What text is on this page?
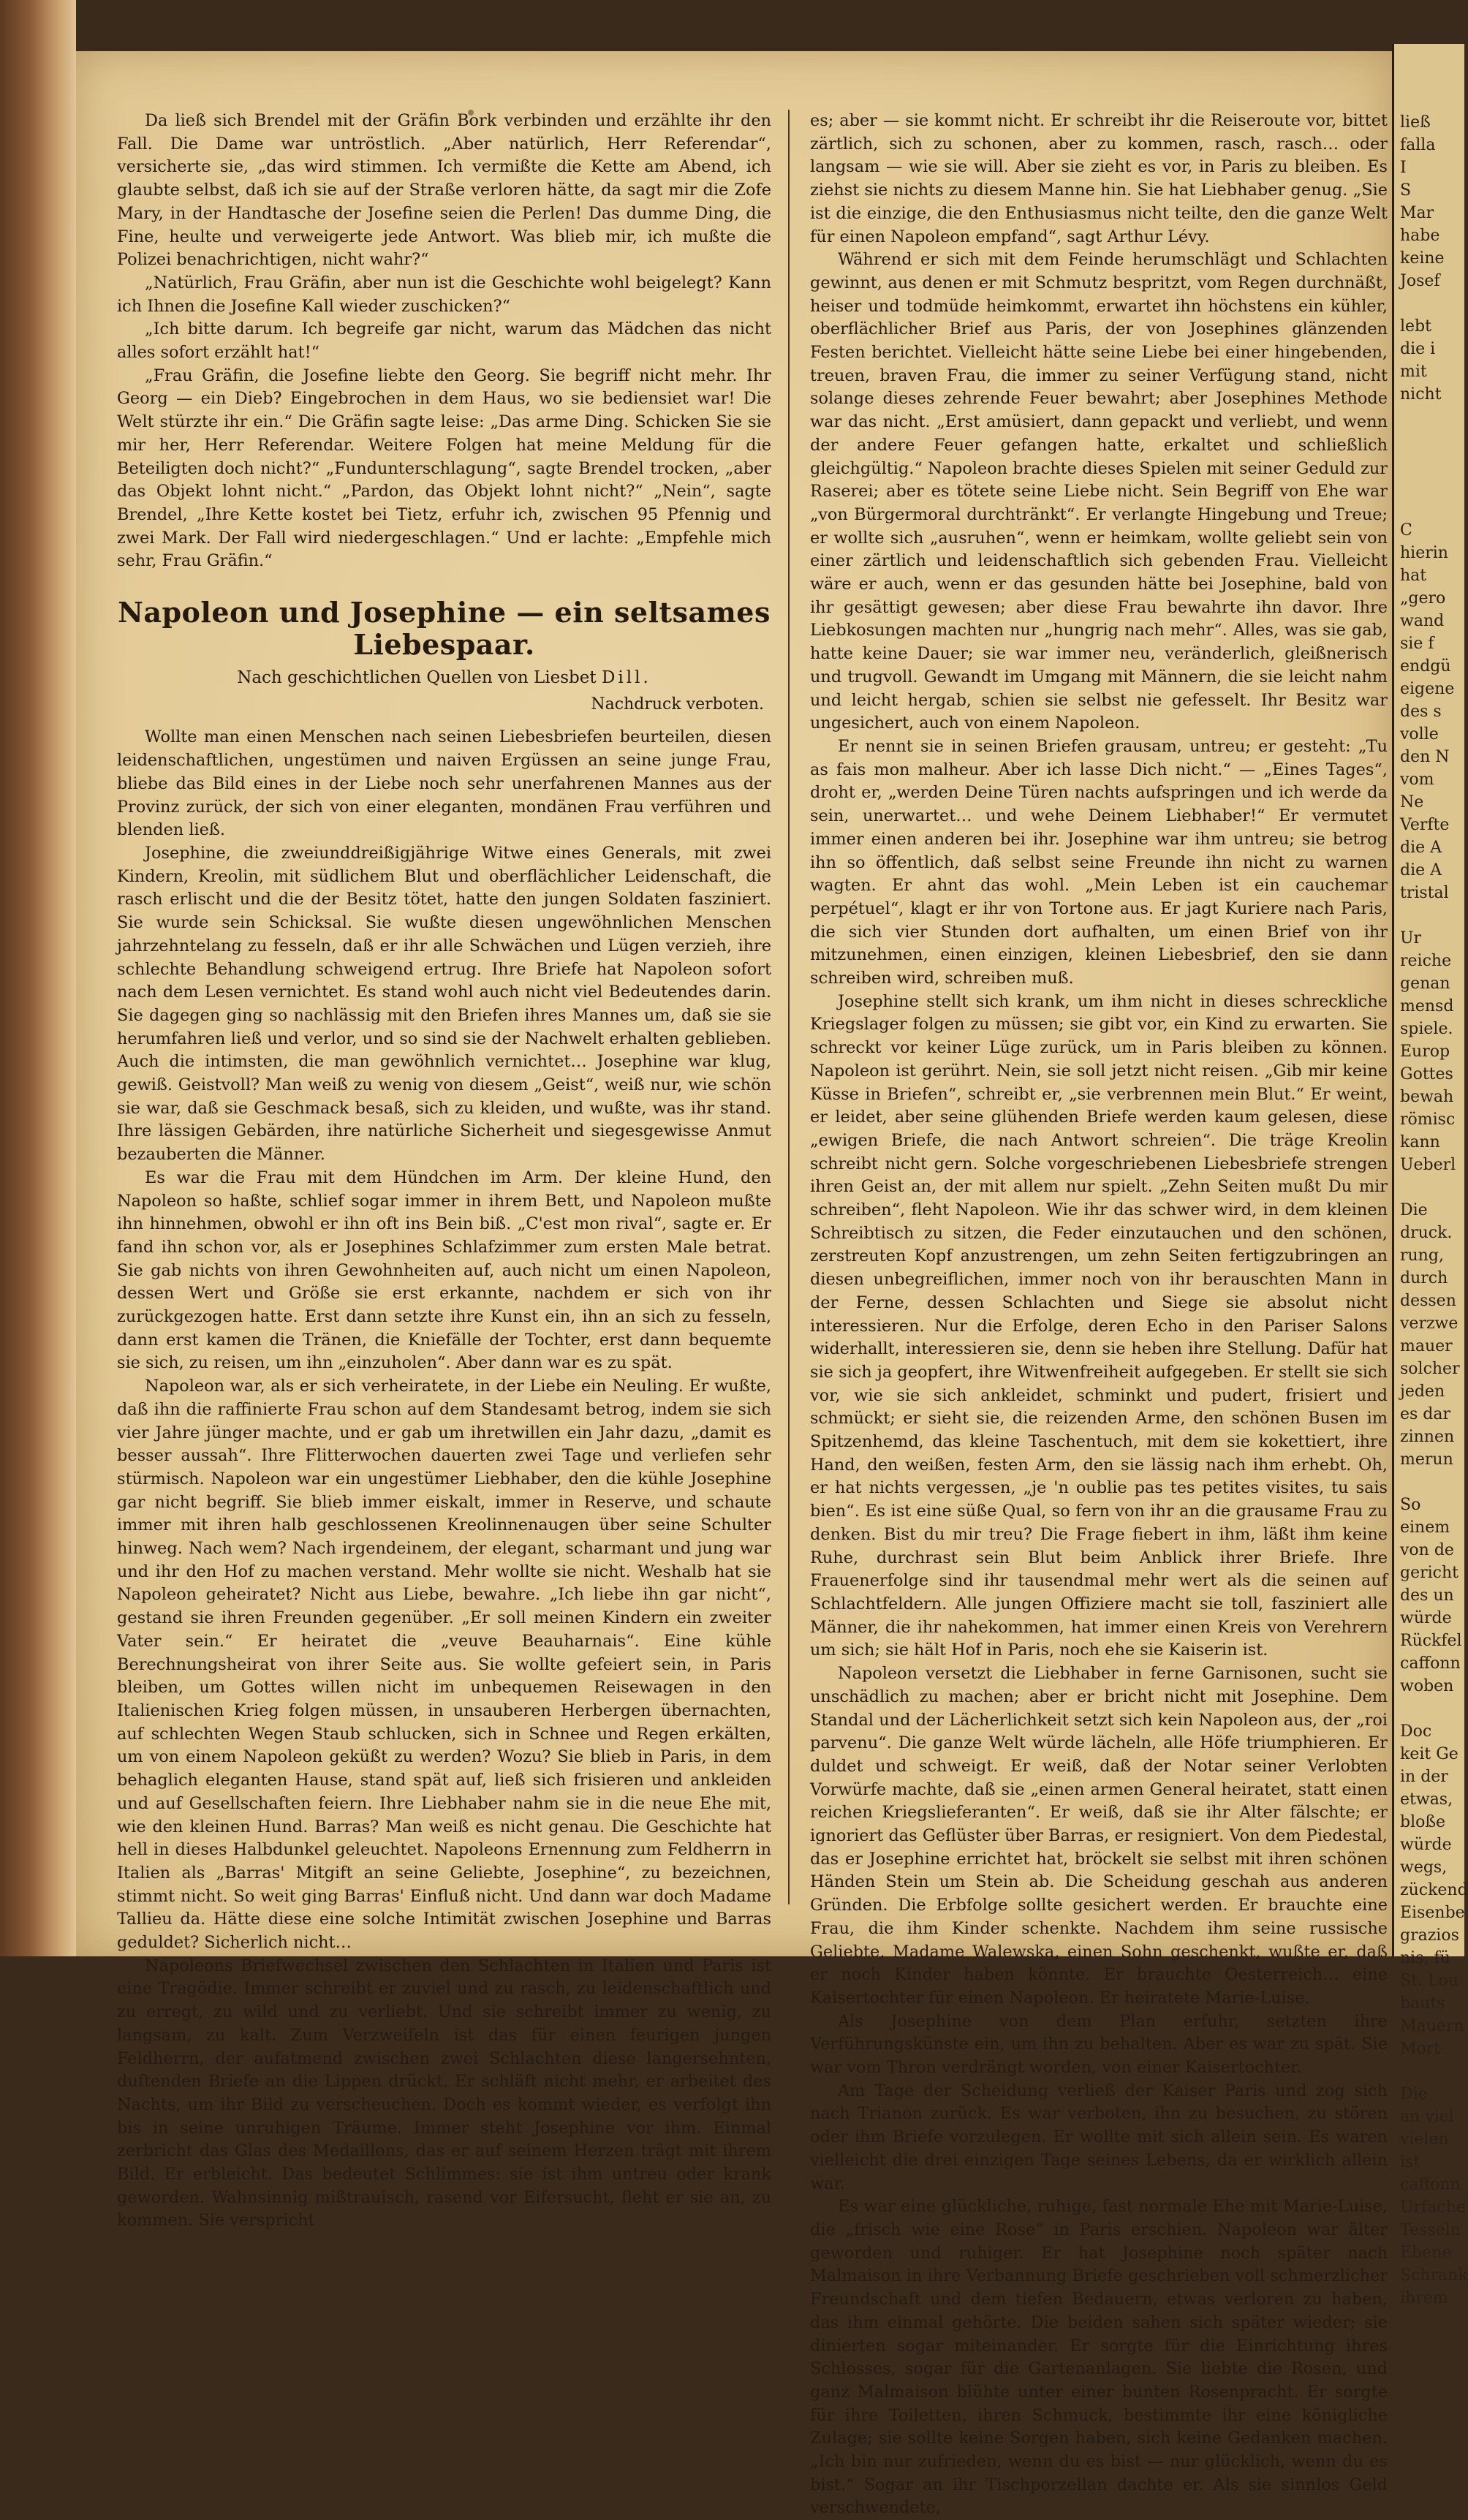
Da ließ sich Brendel mit der Gräfin Bork verbinden und erzählte ihr den Fall. Die Dame war untröstlich. „Aber natürlich, Herr Referendar“, versicherte sie, „das wird stimmen. Ich vermißte die Kette am Abend, ich glaubte selbst, daß ich sie auf der Straße verloren hätte, da sagt mir die Zofe Mary, in der Handtasche der Josefine seien die Perlen! Das dumme Ding, die Fine, heulte und verweigerte jede Antwort. Was blieb mir, ich mußte die Polizei benachrichtigen, nicht wahr?“

„Natürlich, Frau Gräfin, aber nun ist die Geschichte wohl beigelegt? Kann ich Ihnen die Josefine Kall wieder zuschicken?“

„Ich bitte darum. Ich begreife gar nicht, warum das Mädchen das nicht alles sofort erzählt hat!“

„Frau Gräfin, die Josefine liebte den Georg. Sie begriff nicht mehr. Ihr Georg — ein Dieb? Eingebrochen in dem Haus, wo sie bediensiet war! Die Welt stürzte ihr ein.“ Die Gräfin sagte leise: „Das arme Ding. Schicken Sie sie mir her, Herr Referendar. Weitere Folgen hat meine Meldung für die Beteiligten doch nicht?“ „Fundunterschlagung“, sagte Brendel trocken, „aber das Objekt lohnt nicht.“ „Pardon, das Objekt lohnt nicht?“ „Nein“, sagte Brendel, „Ihre Kette kostet bei Tietz, erfuhr ich, zwischen 95 Pfennig und zwei Mark. Der Fall wird niedergeschlagen.“ Und er lachte: „Empfehle mich sehr, Frau Gräfin.“

Napoleon und Josephine — ein seltsames Liebespaar.
Nach geschichtlichen Quellen von Liesbet Dill.
Nachdruck verboten.

Wollte man einen Menschen nach seinen Liebesbriefen beurteilen, diesen leidenschaftlichen, ungestümen und naiven Ergüssen an seine junge Frau, bliebe das Bild eines in der Liebe noch sehr unerfahrenen Mannes aus der Provinz zurück, der sich von einer eleganten, mondänen Frau verführen und blenden ließ.

Josephine, die zweiunddreißigjährige Witwe eines Generals, mit zwei Kindern, Kreolin, mit südlichem Blut und oberflächlicher Leidenschaft, die rasch erlischt und die der Besitz tötet, hatte den jungen Soldaten fasziniert. Sie wurde sein Schicksal. Sie wußte diesen ungewöhnlichen Menschen jahrzehntelang zu fesseln, daß er ihr alle Schwächen und Lügen verzieh, ihre schlechte Behandlung schweigend ertrug. Ihre Briefe hat Napoleon sofort nach dem Lesen vernichtet. Es stand wohl auch nicht viel Bedeutendes darin. Sie dagegen ging so nachlässig mit den Briefen ihres Mannes um, daß sie sie herumfahren ließ und verlor, und so sind sie der Nachwelt erhalten geblieben. Auch die intimsten, die man gewöhnlich vernichtet… Josephine war klug, gewiß. Geistvoll? Man weiß zu wenig von diesem „Geist“, weiß nur, wie schön sie war, daß sie Geschmack besaß, sich zu kleiden, und wußte, was ihr stand. Ihre lässigen Gebärden, ihre natürliche Sicherheit und siegesgewisse Anmut bezauberten die Männer.

Es war die Frau mit dem Hündchen im Arm. Der kleine Hund, den Napoleon so haßte, schlief sogar immer in ihrem Bett, und Napoleon mußte ihn hinnehmen, obwohl er ihn oft ins Bein biß. „C'est mon rival“, sagte er. Er fand ihn schon vor, als er Josephines Schlafzimmer zum ersten Male betrat. Sie gab nichts von ihren Gewohnheiten auf, auch nicht um einen Napoleon, dessen Wert und Größe sie erst erkannte, nachdem er sich von ihr zurückgezogen hatte. Erst dann setzte ihre Kunst ein, ihn an sich zu fesseln, dann erst kamen die Tränen, die Kniefälle der Tochter, erst dann bequemte sie sich, zu reisen, um ihn „einzuholen“. Aber dann war es zu spät.

Napoleon war, als er sich verheiratete, in der Liebe ein Neuling. Er wußte, daß ihn die raffinierte Frau schon auf dem Standesamt betrog, indem sie sich vier Jahre jünger machte, und er gab um ihretwillen ein Jahr dazu, „damit es besser aussah“. Ihre Flitterwochen dauerten zwei Tage und verliefen sehr stürmisch. Napoleon war ein ungestümer Liebhaber, den die kühle Josephine gar nicht begriff. Sie blieb immer eiskalt, immer in Reserve, und schaute immer mit ihren halb geschlossenen Kreolinnenaugen über seine Schulter hinweg. Nach wem? Nach irgendeinem, der elegant, scharmant und jung war und ihr den Hof zu machen verstand. Mehr wollte sie nicht. Weshalb hat sie Napoleon geheiratet? Nicht aus Liebe, bewahre. „Ich liebe ihn gar nicht“, gestand sie ihren Freunden gegenüber. „Er soll meinen Kindern ein zweiter Vater sein.“ Er heiratet die „veuve Beauharnais“. Eine kühle Berechnungsheirat von ihrer Seite aus. Sie wollte gefeiert sein, in Paris bleiben, um Gottes willen nicht im unbequemen Reisewagen in den Italienischen Krieg folgen müssen, in unsauberen Herbergen übernachten, auf schlechten Wegen Staub schlucken, sich in Schnee und Regen erkälten, um von einem Napoleon geküßt zu werden? Wozu? Sie blieb in Paris, in dem behaglich eleganten Hause, stand spät auf, ließ sich frisieren und ankleiden und auf Gesellschaften feiern. Ihre Liebhaber nahm sie in die neue Ehe mit, wie den kleinen Hund. Barras? Man weiß es nicht genau. Die Geschichte hat hell in dieses Halbdunkel geleuchtet. Napoleons Ernennung zum Feldherrn in Italien als „Barras' Mitgift an seine Geliebte, Josephine“, zu bezeichnen, stimmt nicht. So weit ging Barras' Einfluß nicht. Und dann war doch Madame Tallieu da. Hätte diese eine solche Intimität zwischen Josephine und Barras geduldet? Sicherlich nicht…

Napoleons Briefwechsel zwischen den Schlachten in Italien und Paris ist eine Tragödie. Immer schreibt er zuviel und zu rasch, zu leidenschaftlich und zu erregt, zu wild und zu verliebt. Und sie schreibt immer zu wenig, zu langsam, zu kalt. Zum Verzweifeln ist das für einen feurigen jungen Feldherrn, der aufatmend zwischen zwei Schlachten diese langersehnten, duftenden Briefe an die Lippen drückt. Er schläft nicht mehr, er arbeitet des Nachts, um ihr Bild zu verscheuchen. Doch es kommt wieder, es verfolgt ihn bis in seine unruhigen Träume. Immer steht Josephine vor ihm. Einmal zerbricht das Glas des Medaillons, das er auf seinem Herzen trägt mit ihrem Bild. Er erbleicht. Das bedeutet Schlimmes: sie ist ihm untreu oder krank geworden. Wahnsinnig mißtrauisch, rasend vor Eifersucht, fleht er sie an, zu kommen. Sie verspricht

es; aber — sie kommt nicht. Er schreibt ihr die Reiseroute vor, bittet zärtlich, sich zu schonen, aber zu kommen, rasch, rasch… oder langsam — wie sie will. Aber sie zieht es vor, in Paris zu bleiben. Es ziehst sie nichts zu diesem Manne hin. Sie hat Liebhaber genug. „Sie ist die einzige, die den Enthusiasmus nicht teilte, den die ganze Welt für einen Napoleon empfand“, sagt Arthur Lévy.

Während er sich mit dem Feinde herumschlägt und Schlachten gewinnt, aus denen er mit Schmutz bespritzt, vom Regen durchnäßt, heiser und todmüde heimkommt, erwartet ihn höchstens ein kühler, oberflächlicher Brief aus Paris, der von Josephines glänzenden Festen berichtet. Vielleicht hätte seine Liebe bei einer hingebenden, treuen, braven Frau, die immer zu seiner Verfügung stand, nicht solange dieses zehrende Feuer bewahrt; aber Josephines Methode war das nicht. „Erst amüsiert, dann gepackt und verliebt, und wenn der andere Feuer gefangen hatte, erkaltet und schließlich gleichgültig.“ Napoleon brachte dieses Spielen mit seiner Geduld zur Raserei; aber es tötete seine Liebe nicht. Sein Begriff von Ehe war „von Bürgermoral durchtränkt“. Er verlangte Hingebung und Treue; er wollte sich „ausruhen“, wenn er heimkam, wollte geliebt sein von einer zärtlich und leidenschaftlich sich gebenden Frau. Vielleicht wäre er auch, wenn er das gesunden hätte bei Josephine, bald von ihr gesättigt gewesen; aber diese Frau bewahrte ihn davor. Ihre Liebkosungen machten nur „hungrig nach mehr“. Alles, was sie gab, hatte keine Dauer; sie war immer neu, veränderlich, gleißnerisch und trugvoll. Gewandt im Umgang mit Männern, die sie leicht nahm und leicht hergab, schien sie selbst nie gefesselt. Ihr Besitz war ungesichert, auch von einem Napoleon.

Er nennt sie in seinen Briefen grausam, untreu; er gesteht: „Tu as fais mon malheur. Aber ich lasse Dich nicht.“ — „Eines Tages“, droht er, „werden Deine Türen nachts aufspringen und ich werde da sein, unerwartet… und wehe Deinem Liebhaber!“ Er vermutet immer einen anderen bei ihr. Josephine war ihm untreu; sie betrog ihn so öffentlich, daß selbst seine Freunde ihn nicht zu warnen wagten. Er ahnt das wohl. „Mein Leben ist ein cauchemar perpétuel“, klagt er ihr von Tortone aus. Er jagt Kuriere nach Paris, die sich vier Stunden dort aufhalten, um einen Brief von ihr mitzunehmen, einen einzigen, kleinen Liebesbrief, den sie dann schreiben wird, schreiben muß.

Josephine stellt sich krank, um ihm nicht in dieses schreckliche Kriegslager folgen zu müssen; sie gibt vor, ein Kind zu erwarten. Sie schreckt vor keiner Lüge zurück, um in Paris bleiben zu können. Napoleon ist gerührt. Nein, sie soll jetzt nicht reisen. „Gib mir keine Küsse in Briefen“, schreibt er, „sie verbrennen mein Blut.“ Er weint, er leidet, aber seine glühenden Briefe werden kaum gelesen, diese „ewigen Briefe, die nach Antwort schreien“. Die träge Kreolin schreibt nicht gern. Solche vorgeschriebenen Liebesbriefe strengen ihren Geist an, der mit allem nur spielt. „Zehn Seiten mußt Du mir schreiben“, fleht Napoleon. Wie ihr das schwer wird, in dem kleinen Schreibtisch zu sitzen, die Feder einzutauchen und den schönen, zerstreuten Kopf anzustrengen, um zehn Seiten fertigzubringen an diesen unbegreiflichen, immer noch von ihr berauschten Mann in der Ferne, dessen Schlachten und Siege sie absolut nicht interessieren. Nur die Erfolge, deren Echo in den Pariser Salons widerhallt, interessieren sie, denn sie heben ihre Stellung. Dafür hat sie sich ja geopfert, ihre Witwenfreiheit aufgegeben. Er stellt sie sich vor, wie sie sich ankleidet, schminkt und pudert, frisiert und schmückt; er sieht sie, die reizenden Arme, den schönen Busen im Spitzenhemd, das kleine Taschentuch, mit dem sie kokettiert, ihre Hand, den weißen, festen Arm, den sie lässig nach ihm erhebt. Oh, er hat nichts vergessen, „je 'n oublie pas tes petites visites, tu sais bien“. Es ist eine süße Qual, so fern von ihr an die grausame Frau zu denken. Bist du mir treu? Die Frage fiebert in ihm, läßt ihm keine Ruhe, durchrast sein Blut beim Anblick ihrer Briefe. Ihre Frauenerfolge sind ihr tausendmal mehr wert als die seinen auf Schlachtfeldern. Alle jungen Offiziere macht sie toll, fasziniert alle Männer, die ihr nahekommen, hat immer einen Kreis von Verehrern um sich; sie hält Hof in Paris, noch ehe sie Kaiserin ist.

Napoleon versetzt die Liebhaber in ferne Garnisonen, sucht sie unschädlich zu machen; aber er bricht nicht mit Josephine. Dem Standal und der Lächerlichkeit setzt sich kein Napoleon aus, der „roi parvenu“. Die ganze Welt würde lächeln, alle Höfe triumphieren. Er duldet und schweigt. Er weiß, daß der Notar seiner Verlobten Vorwürfe machte, daß sie „einen armen General heiratet, statt einen reichen Kriegslieferanten“. Er weiß, daß sie ihr Alter fälschte; er ignoriert das Geflüster über Barras, er resigniert. Von dem Piedestal, das er Josephine errichtet hat, bröckelt sie selbst mit ihren schönen Händen Stein um Stein ab. Die Scheidung geschah aus anderen Gründen. Die Erbfolge sollte gesichert werden. Er brauchte eine Frau, die ihm Kinder schenkte. Nachdem ihm seine russische Geliebte, Madame Walewska, einen Sohn geschenkt, wußte er, daß er noch Kinder haben könnte. Er brauchte Oesterreich… eine Kaisertochter für einen Napoleon. Er heiratete Marie-Luise.

Als Josephine von dem Plan erfuhr, setzten ihre Verführungskünste ein, um ihn zu behalten. Aber es war zu spät. Sie war vom Thron verdrängt worden, von einer Kaisertochter.

Am Tage der Scheidung verließ der Kaiser Paris und zog sich nach Trianon zurück. Es war verboten, ihn zu besuchen, zu stören oder ihm Briefe vorzulegen. Er wollte mit sich allein sein. Es waren vielleicht die drei einzigen Tage seines Lebens, da er wirklich allein war.

Es war eine glückliche, ruhige, fast normale Ehe mit Marie-Luise, die „frisch wie eine Rose“ in Paris erschien. Napoleon war älter geworden und ruhiger. Er hat Josephine noch später nach Malmaison in ihre Verbannung Briefe geschrieben voll schmerzlicher Freundschaft und dem tiefen Bedauern, etwas verloren zu haben, das ihm einmal gehörte. Die beiden sahen sich später wieder; sie dinierten sogar miteinander. Er sorgte für die Einrichtung ihres Schlosses, sogar für die Gartenanlagen. Sie liebte die Rosen, und ganz Malmaison blühte unter einer bunten Rosenpracht. Er sorgte für ihre Toiletten, ihren Schmuck, bestimmte ihr eine königliche Zulage; sie sollte keine Sorgen haben, sich keine Gedanken machen. „Ich bin nur zufrieden, wenn du es bist — nur glücklich, wenn du es bist.“ Sogar an ihr Tischporzellan dachte er. Als sie sinnlos Geld verschwendete,

ließ
falla
I
S
Mar
habe
keine
Josef

lebt
die i
mit
nicht

C
hierin
hat
„gero
wand
sie f
endgü
eigene
des s
volle
den N
vom
Ne
Verfte
die A
die A
tristal

Ur
reiche
genan
mensd
spiele.
Europ
Gottes
bewah
römisc
kann
Ueberl

Die
druck.
rung,
durch
dessen
verzwe
mauer
solcher
jeden
es dar
zinnen
merun

So
einem
von de
gericht
des un
würde
Rückfel
caffonn
woben

Doc
keit Ge
in der
etwas,
bloße
würde
wegs,
zückend
Eisenbe
grazios
nis, fü
St. Lou
bauts
Mauern
Mort

Die
an viel
vielen
ist
caffonn
Urfache
Tesseln
Ebene
Schrank
ihrem
